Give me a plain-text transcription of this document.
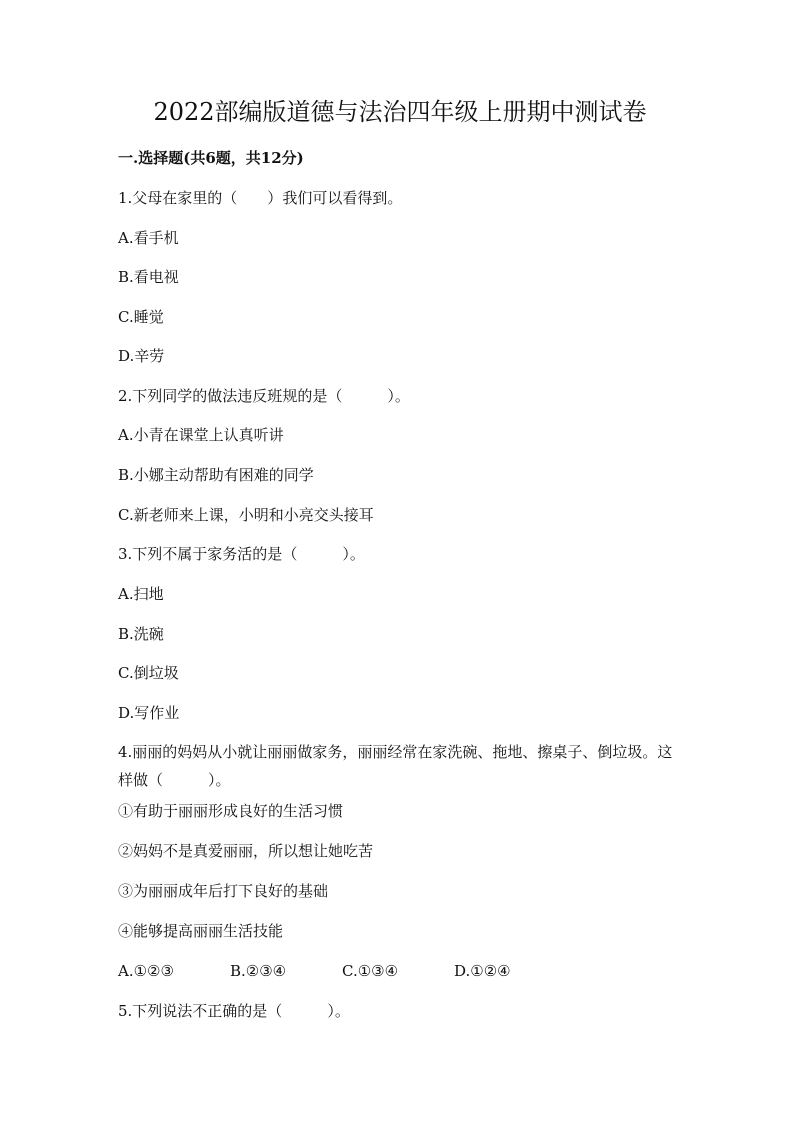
2022部编版道德与法治四年级上册期中测试卷
一.选择题(共6题，共12分)
1.父母在家里的（　　）我们可以看得到。
A.看手机
B.看电视
C.睡觉
D.辛劳
2.下列同学的做法违反班规的是（　　　）。
A.小青在课堂上认真听讲
B.小娜主动帮助有困难的同学
C.新老师来上课，小明和小亮交头接耳
3.下列不属于家务活的是（　　　）。
A.扫地
B.洗碗
C.倒垃圾
D.写作业
4.丽丽的妈妈从小就让丽丽做家务，丽丽经常在家洗碗、拖地、擦桌子、倒垃圾。这样做（　　　）。
①有助于丽丽形成良好的生活习惯
②妈妈不是真爱丽丽，所以想让她吃苦
③为丽丽成年后打下良好的基础
④能够提高丽丽生活技能
A.①②③	B.②③④	C.①③④	D.①②④
5.下列说法不正确的是（　　　）。
